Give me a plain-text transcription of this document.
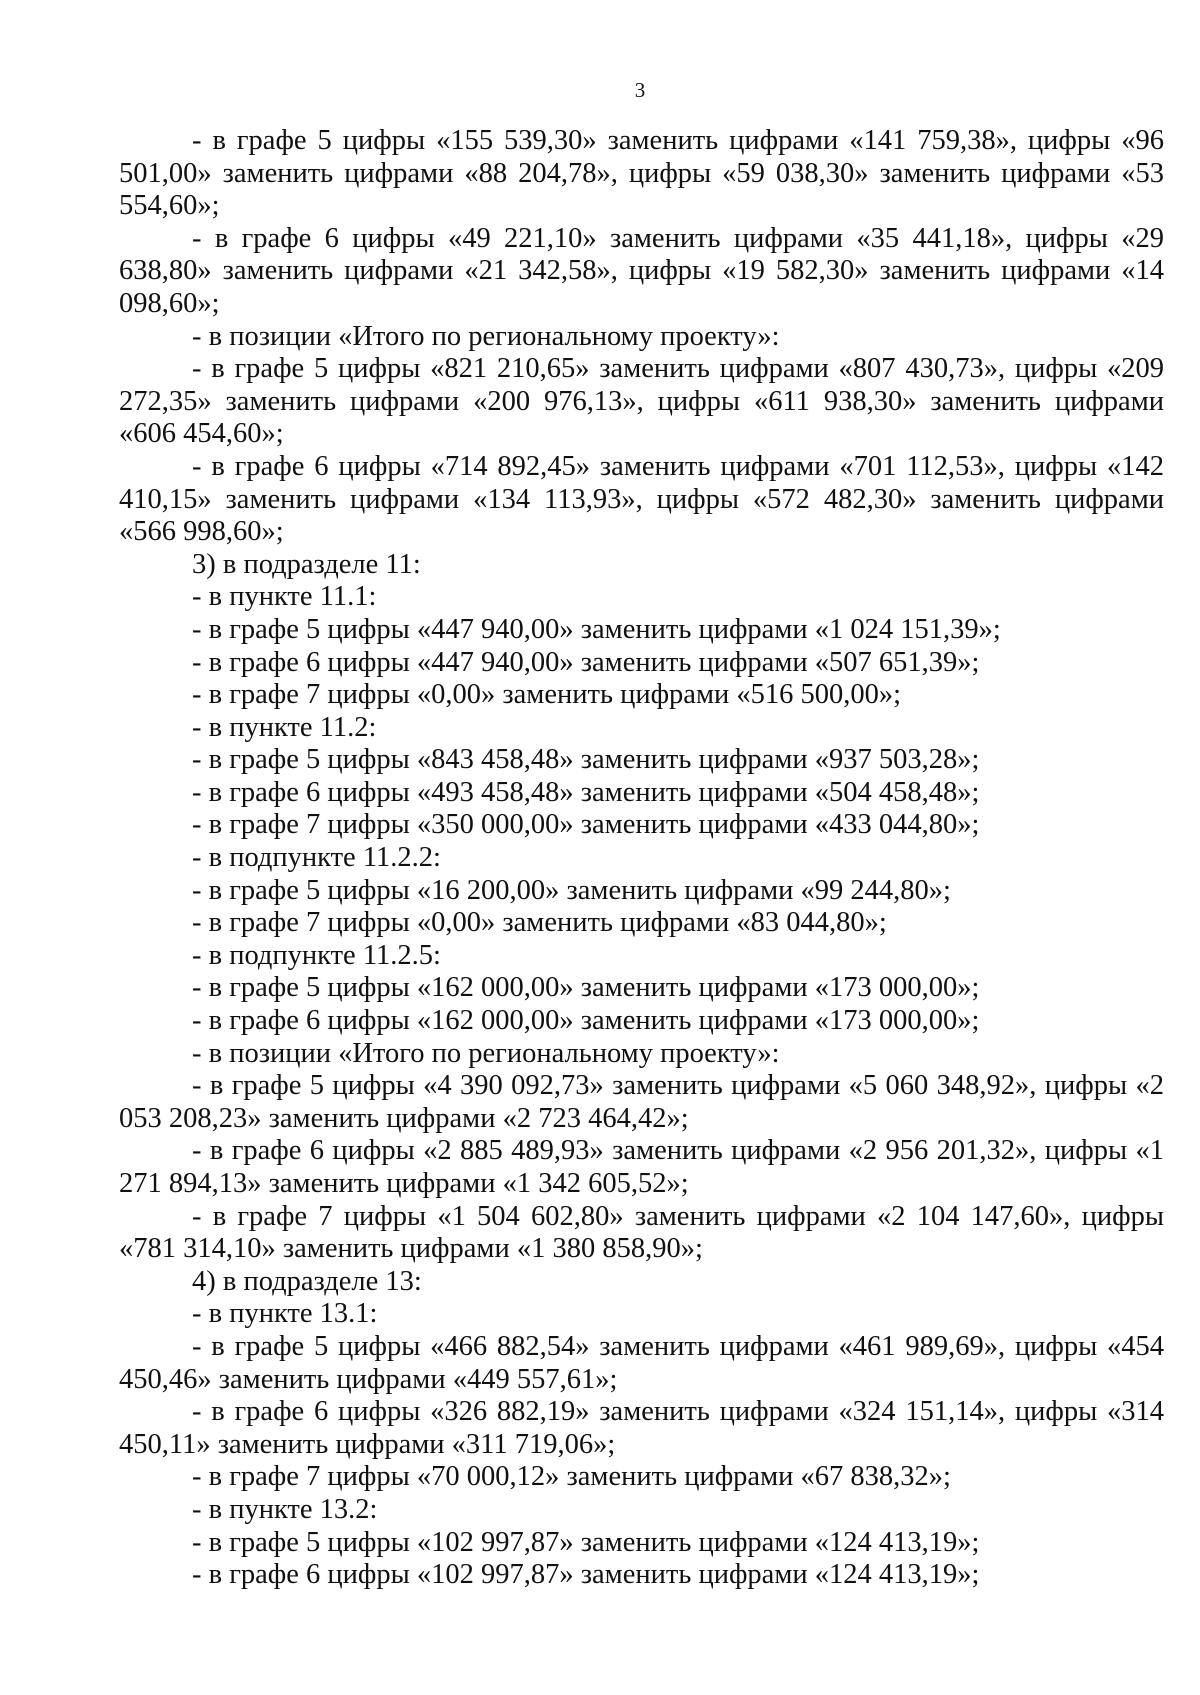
3

- в графе 5 цифры «155 539,30» заменить цифрами «141 759,38», цифры «96 501,00» заменить цифрами «88 204,78», цифры «59 038,30» заменить цифрами «53 554,60»;

- в графе 6 цифры «49 221,10» заменить цифрами «35 441,18», цифры «29 638,80» заменить цифрами «21 342,58», цифры «19 582,30» заменить цифрами «14 098,60»;

- в позиции «Итого по региональному проекту»:

- в графе 5 цифры «821 210,65» заменить цифрами «807 430,73», цифры «209 272,35» заменить цифрами «200 976,13», цифры «611 938,30» заменить цифрами «606 454,60»;

- в графе 6 цифры «714 892,45» заменить цифрами «701 112,53», цифры «142 410,15» заменить цифрами «134 113,93», цифры «572 482,30» заменить цифрами «566 998,60»;

3) в подразделе 11:

- в пункте 11.1:

- в графе 5 цифры «447 940,00» заменить цифрами «1 024 151,39»;

- в графе 6 цифры «447 940,00» заменить цифрами «507 651,39»;

- в графе 7 цифры «0,00» заменить цифрами «516 500,00»;

- в пункте 11.2:

- в графе 5 цифры «843 458,48» заменить цифрами «937 503,28»;

- в графе 6 цифры «493 458,48» заменить цифрами «504 458,48»;

- в графе 7 цифры «350 000,00» заменить цифрами «433 044,80»;

- в подпункте 11.2.2:

- в графе 5 цифры «16 200,00» заменить цифрами «99 244,80»;

- в графе 7 цифры «0,00» заменить цифрами «83 044,80»;

- в подпункте 11.2.5:

- в графе 5 цифры «162 000,00» заменить цифрами «173 000,00»;

- в графе 6 цифры «162 000,00» заменить цифрами «173 000,00»;

- в позиции «Итого по региональному проекту»:

- в графе 5 цифры «4 390 092,73» заменить цифрами «5 060 348,92», цифры «2 053 208,23» заменить цифрами «2 723 464,42»;

- в графе 6 цифры «2 885 489,93» заменить цифрами «2 956 201,32», цифры «1 271 894,13» заменить цифрами «1 342 605,52»;

- в графе 7 цифры «1 504 602,80» заменить цифрами «2 104 147,60», цифры «781 314,10» заменить цифрами «1 380 858,90»;

4) в подразделе 13:

- в пункте 13.1:

- в графе 5 цифры «466 882,54» заменить цифрами «461 989,69», цифры «454 450,46» заменить цифрами «449 557,61»;

- в графе 6 цифры «326 882,19» заменить цифрами «324 151,14», цифры «314 450,11» заменить цифрами «311 719,06»;

- в графе 7 цифры «70 000,12» заменить цифрами «67 838,32»;

- в пункте 13.2:

- в графе 5 цифры «102 997,87» заменить цифрами «124 413,19»;

- в графе 6 цифры «102 997,87» заменить цифрами «124 413,19»;
